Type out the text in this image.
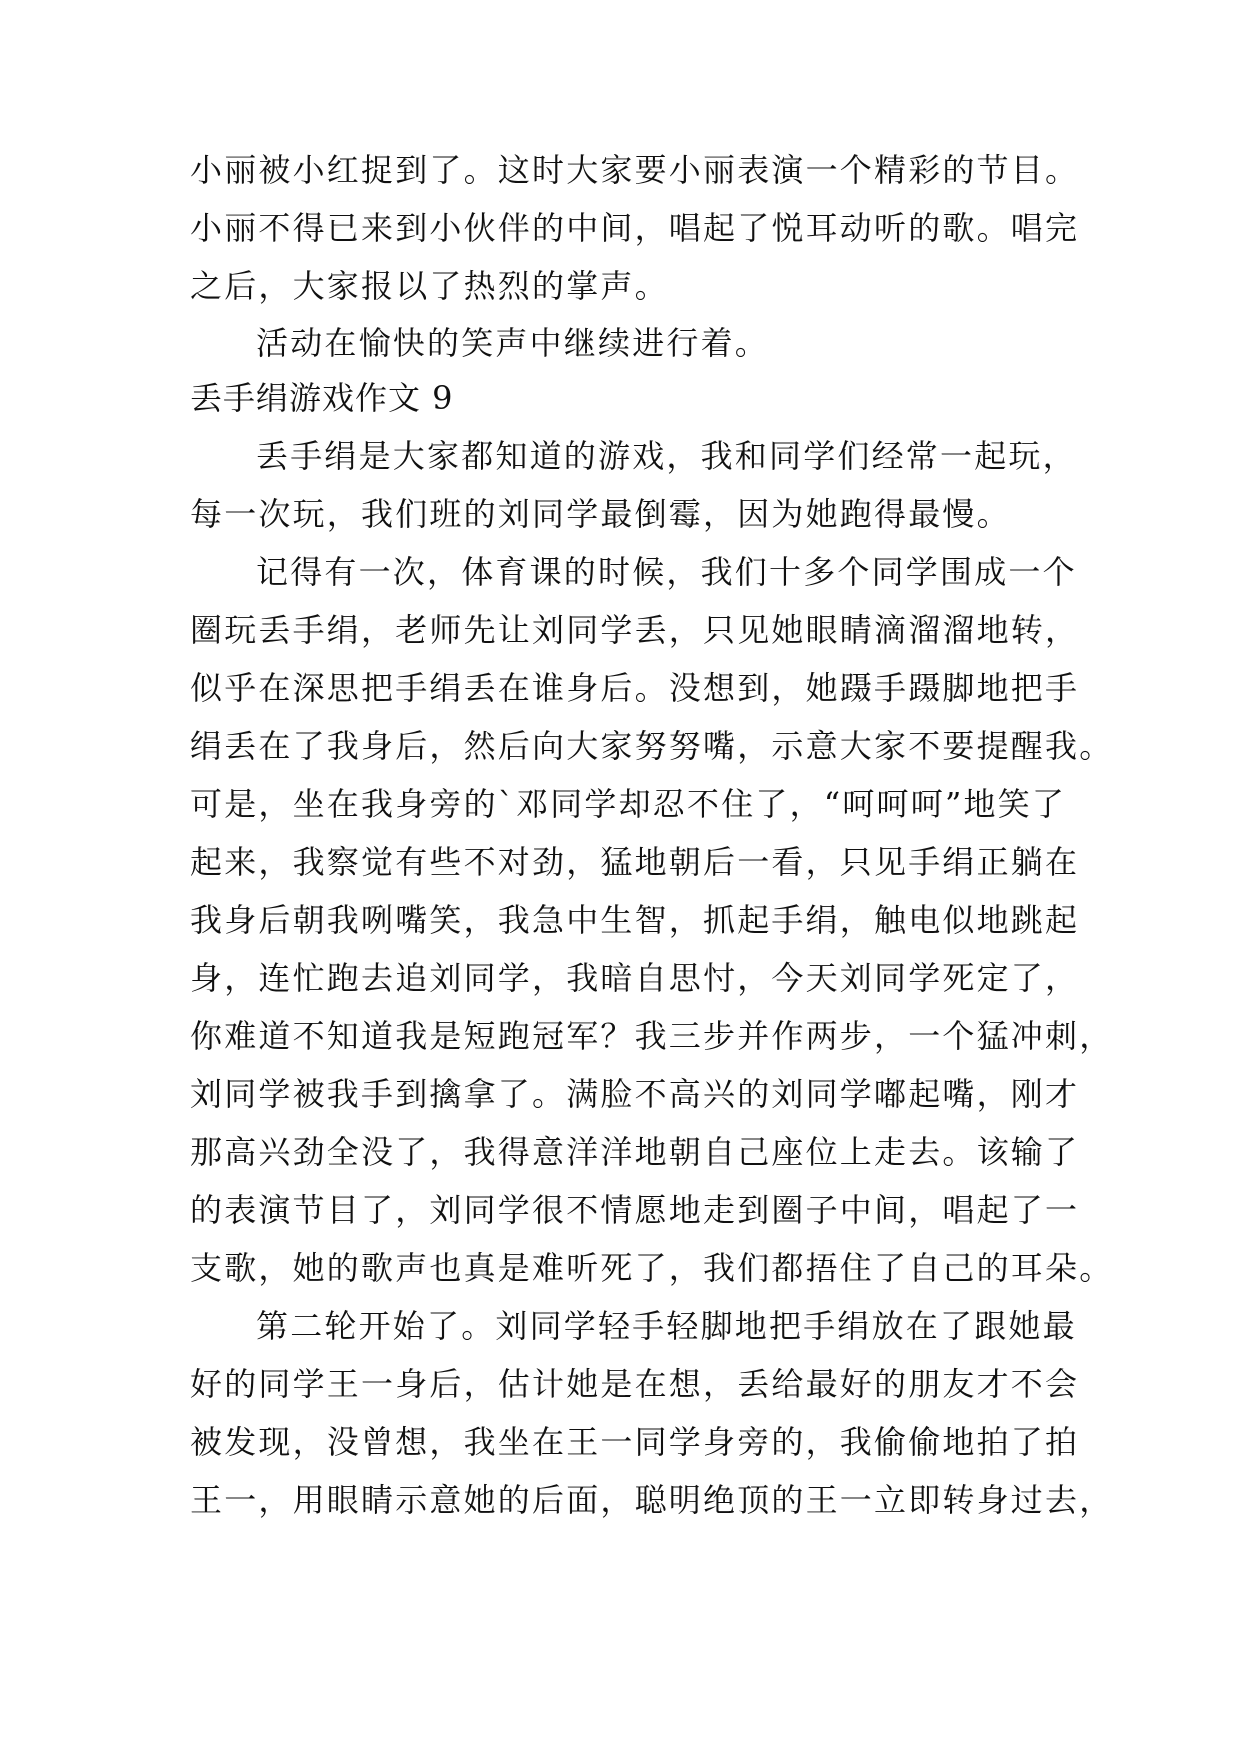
小丽被小红捉到了。这时大家要小丽表演一个精彩的节目。
小丽不得已来到小伙伴的中间，唱起了悦耳动听的歌。唱完
之后，大家报以了热烈的掌声。
活动在愉快的笑声中继续进行着。
丢手绢游戏作文 9
丢手绢是大家都知道的游戏，我和同学们经常一起玩，
每一次玩，我们班的刘同学最倒霉，因为她跑得最慢。
记得有一次，体育课的时候，我们十多个同学围成一个
圈玩丢手绢，老师先让刘同学丢，只见她眼睛滴溜溜地转，
似乎在深思把手绢丢在谁身后。没想到，她蹑手蹑脚地把手
绢丢在了我身后，然后向大家努努嘴，示意大家不要提醒我。
可是，坐在我身旁的`邓同学却忍不住了，“呵呵呵”地笑了
起来，我察觉有些不对劲，猛地朝后一看，只见手绢正躺在
我身后朝我咧嘴笑，我急中生智，抓起手绢，触电似地跳起
身，连忙跑去追刘同学，我暗自思忖，今天刘同学死定了，
你难道不知道我是短跑冠军？我三步并作两步，一个猛冲刺，
刘同学被我手到擒拿了。满脸不高兴的刘同学嘟起嘴，刚才
那高兴劲全没了，我得意洋洋地朝自己座位上走去。该输了
的表演节目了，刘同学很不情愿地走到圈子中间，唱起了一
支歌，她的歌声也真是难听死了，我们都捂住了自己的耳朵。
第二轮开始了。刘同学轻手轻脚地把手绢放在了跟她最
好的同学王一身后，估计她是在想，丢给最好的朋友才不会
被发现，没曾想，我坐在王一同学身旁的，我偷偷地拍了拍
王一，用眼睛示意她的后面，聪明绝顶的王一立即转身过去，
